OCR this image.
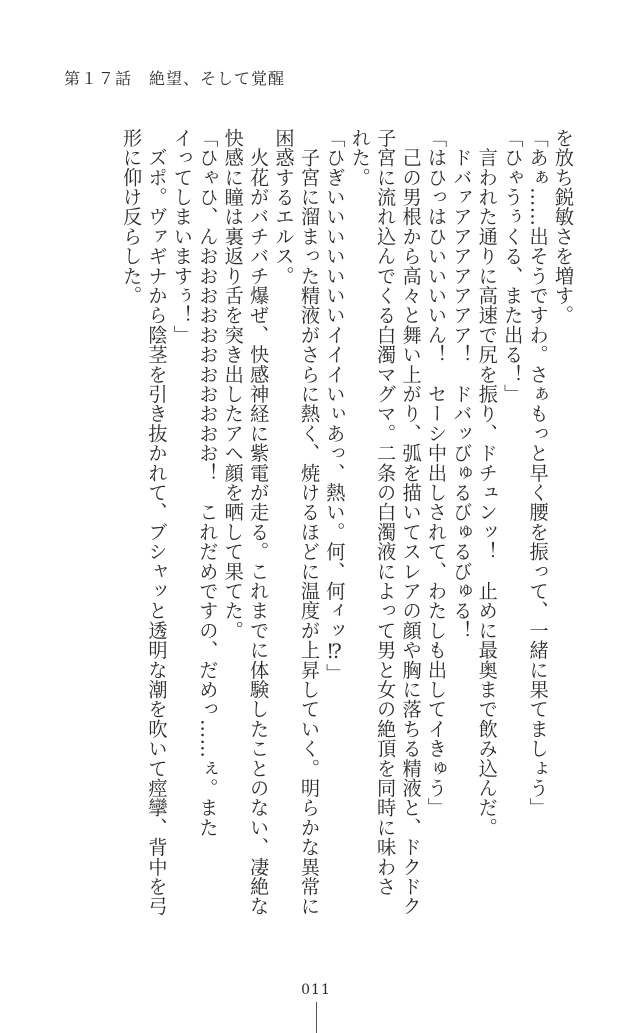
第１７話　絶望、そして覚醒

を放ち鋭敏さを増す。

「あぁ……出そうですわ。さぁもっと早く腰を振って、一緒に果てましょう」

「ひゃうぅくる、また出る！」

　言われた通りに高速で尻を振り、ドチュンッ！　止めに最奥まで飲み込んだ。

　ドバァアアアアアアア！　ドバッびゅるびゅるびゅる！

「はひっはひいいいいん！　セーシ中出しされて、わたしも出してイきゅう」

　己の男根から高々と舞い上がり、弧を描いてスレアの顔や胸に落ちる精液と、ドクドク

子宮に流れ込んでくる白濁マグマ。二条の白濁液によって男と女の絶頂を同時に味わさ

れた。

「ひぎいいいいいいいイイイいぃあっ、熱い。何、何ィッ⁉」

　子宮に溜まった精液がさらに熱く、焼けるほどに温度が上昇していく。明らかな異常に

困惑するエルス。

　火花がバチバチ爆ぜ、快感神経に紫電が走る。これまでに体験したことのない、凄絶な

快感に瞳は裏返り舌を突き出したアヘ顔を晒して果てた。

「ひゃひ、んおおおおおおおおおおお！　これだめですの、だめっ……ぇ。また

イってしまいますぅ！」

　ズポ。ヴァギナから陰茎を引き抜かれて、ブシャッと透明な潮を吹いて痙攣、背中を弓

形に仰け反らした。

011
